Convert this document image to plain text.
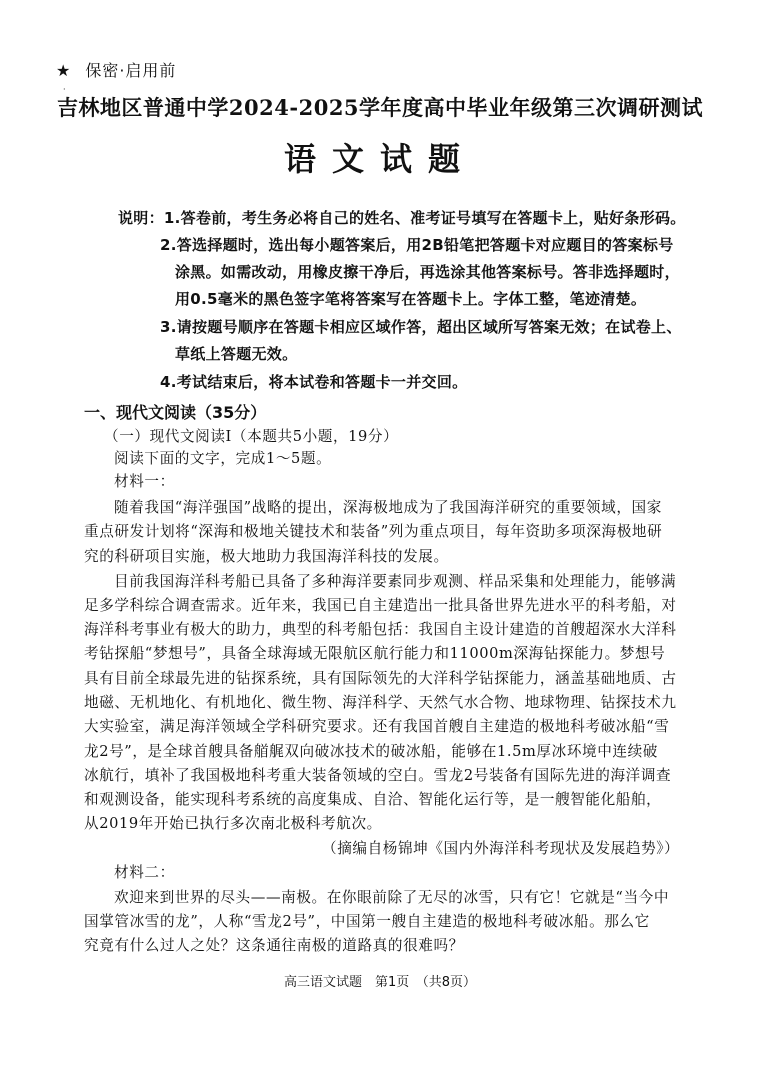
★ 保密·启用前
·
吉林地区普通中学2024-2025学年度高中毕业年级第三次调研测试
语文试题
说明：1.答卷前，考生务必将自己的姓名、准考证号填写在答题卡上，贴好条形码。
2.答选择题时，选出每小题答案后，用2B铅笔把答题卡对应题目的答案标号
涂黑。如需改动，用橡皮擦干净后，再选涂其他答案标号。答非选择题时，
用0.5毫米的黑色签字笔将答案写在答题卡上。字体工整，笔迹清楚。
3.请按题号顺序在答题卡相应区域作答，超出区域所写答案无效；在试卷上、
草纸上答题无效。
4.考试结束后，将本试卷和答题卡一并交回。
一、现代文阅读（35分）
（一）现代文阅读Ⅰ（本题共5小题，19分）
阅读下面的文字，完成1～5题。
材料一：
随着我国“海洋强国”战略的提出，深海极地成为了我国海洋研究的重要领域，国家
重点研发计划将“深海和极地关键技术和装备”列为重点项目，每年资助多项深海极地研
究的科研项目实施，极大地助力我国海洋科技的发展。
目前我国海洋科考船已具备了多种海洋要素同步观测、样品采集和处理能力，能够满
足多学科综合调查需求。近年来，我国已自主建造出一批具备世界先进水平的科考船，对
海洋科考事业有极大的助力，典型的科考船包括：我国自主设计建造的首艘超深水大洋科
考钻探船“梦想号”，具备全球海域无限航区航行能力和11000m深海钻探能力。梦想号
具有目前全球最先进的钻探系统，具有国际领先的大洋科学钻探能力，涵盖基础地质、古
地磁、无机地化、有机地化、微生物、海洋科学、天然气水合物、地球物理、钻探技术九
大实验室，满足海洋领域全学科研究要求。还有我国首艘自主建造的极地科考破冰船“雪
龙2号”，是全球首艘具备艏艉双向破冰技术的破冰船，能够在1.5m厚冰环境中连续破
冰航行，填补了我国极地科考重大装备领域的空白。雪龙2号装备有国际先进的海洋调查
和观测设备，能实现科考系统的高度集成、自洽、智能化运行等，是一艘智能化船舶，
从2019年开始已执行多次南北极科考航次。
（摘编自杨锦坤《国内外海洋科考现状及发展趋势》）
材料二：
欢迎来到世界的尽头——南极。在你眼前除了无尽的冰雪，只有它！它就是“当今中
国掌管冰雪的龙”，人称“雪龙2号”，中国第一艘自主建造的极地科考破冰船。那么它
究竟有什么过人之处？这条通往南极的道路真的很难吗？
高三语文试题　第1页　（共8页）
